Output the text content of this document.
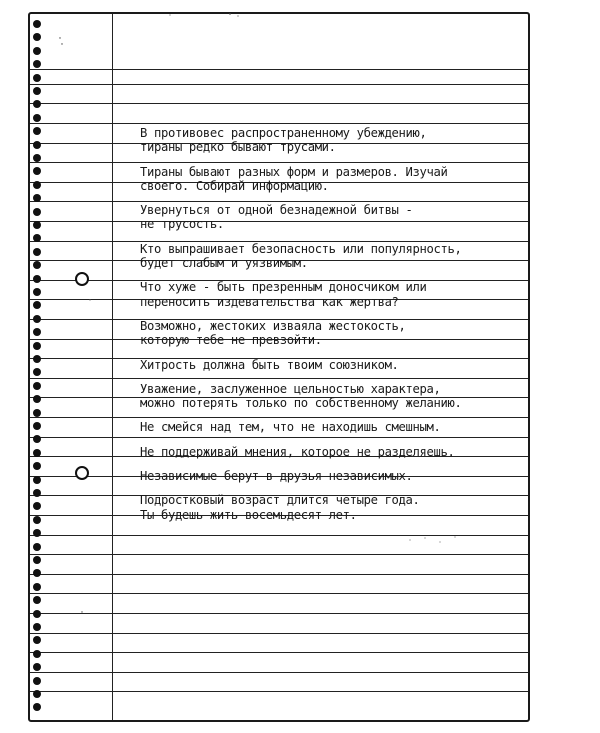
В противовес распространенному убеждению,
тираны редко бывают трусами.
Тираны бывают разных форм и размеров. Изучай
своего. Собирай информацию.
Увернуться от одной безнадежной битвы -
не трусость.
Кто выпрашивает безопасность или популярность,
будет слабым и уязвимым.
Что хуже - быть презренным доносчиком или
переносить издевательства как жертва?
Возможно, жестоких изваяла жестокость,
которую тебе не превзойти.
Хитрость должна быть твоим союзником.
Уважение, заслуженное цельностью характера,
можно потерять только по собственному желанию.
Не смейся над тем, что не находишь смешным.
Не поддерживай мнения, которое не разделяешь.
Независимые берут в друзья независимых.
Подростковый возраст длится четыре года.
Ты будешь жить восемьдесят лет.
